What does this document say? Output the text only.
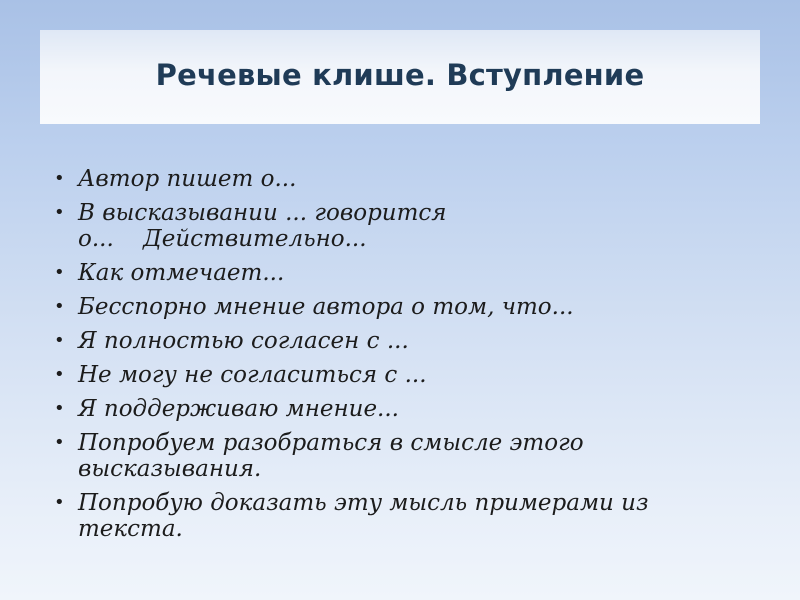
Речевые клише. Вступление
• Автор пишет о...
• В высказывании ... говорится
о...    Действительно...
• Как отмечает...
• Бесспорно мнение автора о том, что...
• Я полностью согласен с ...
• Не могу не согласиться с ...
• Я поддерживаю мнение...
• Попробуем разобраться в смысле этого
высказывания.
• Попробую доказать эту мысль примерами из
текста.
